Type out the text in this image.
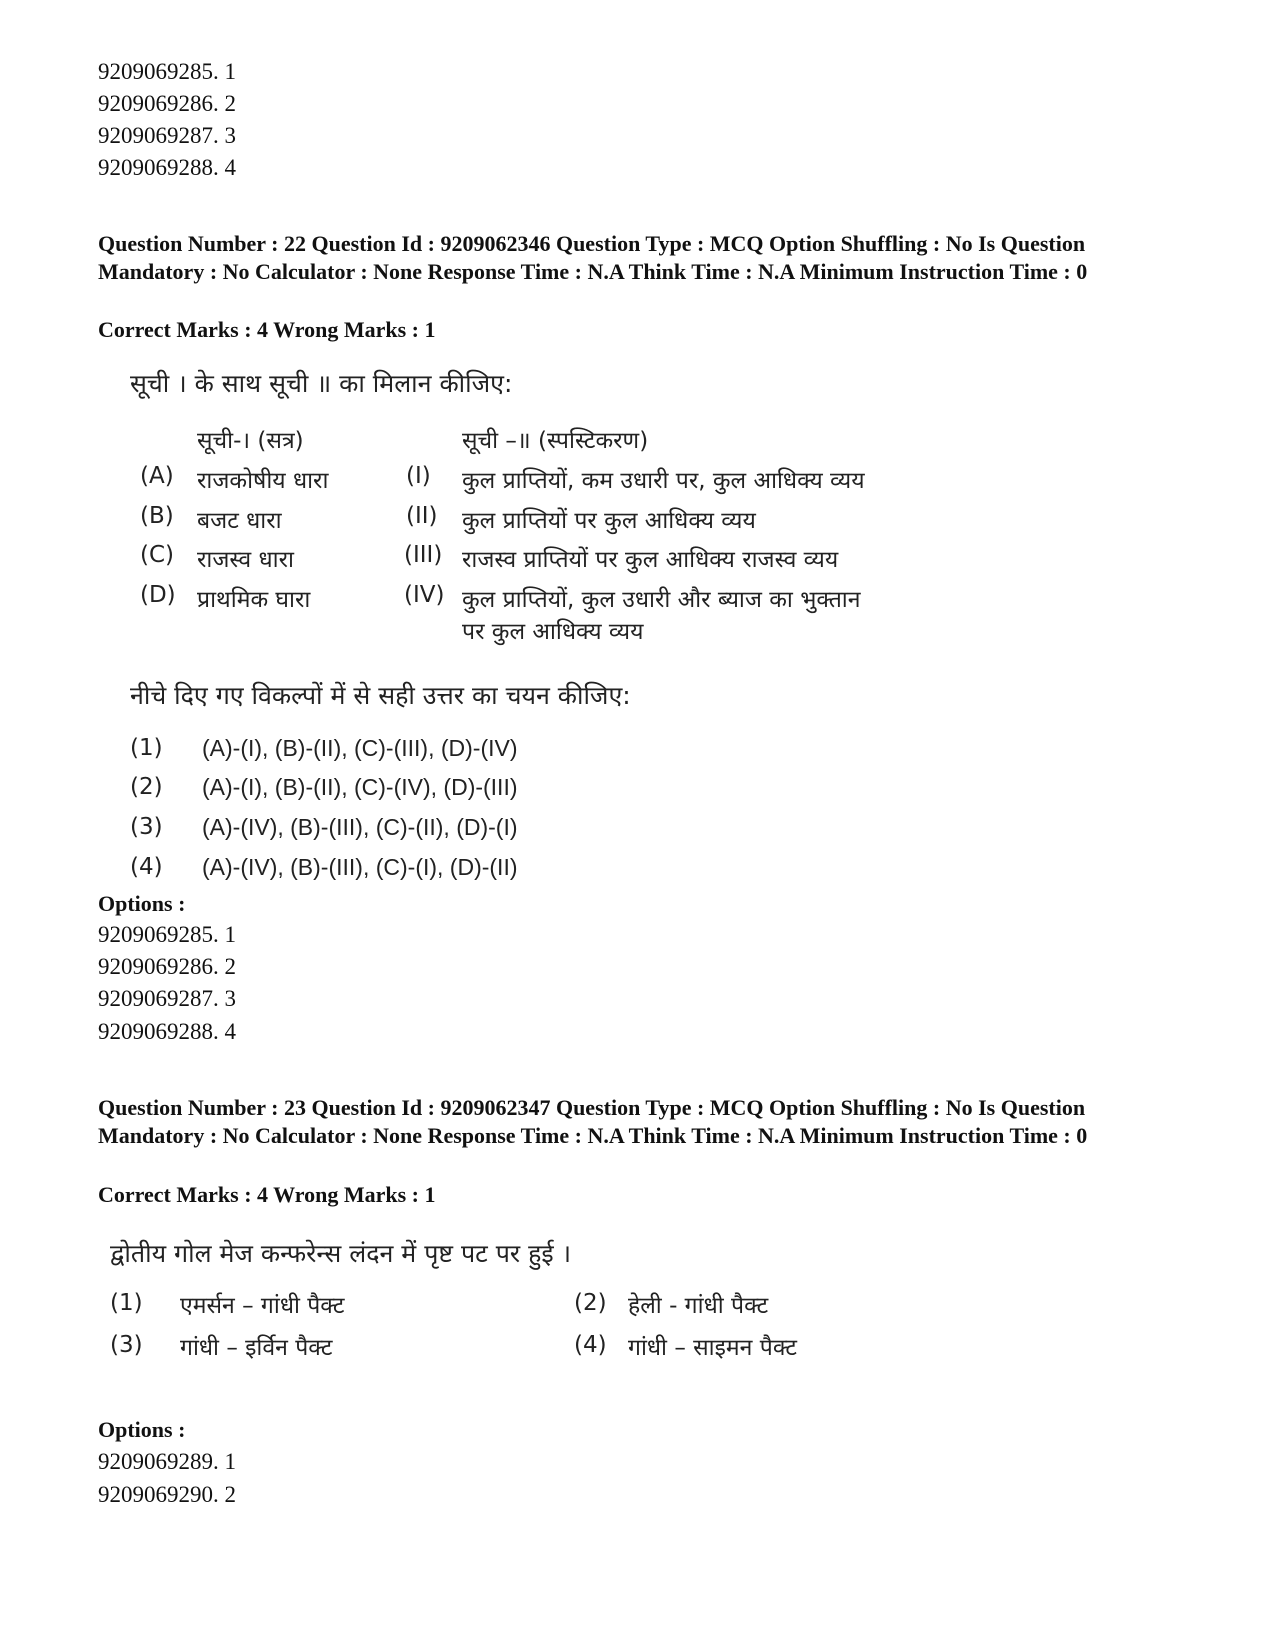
9209069285. 1
9209069286. 2
9209069287. 3
9209069288. 4
Question Number : 22 Question Id : 9209062346 Question Type : MCQ Option Shuffling : No Is Question Mandatory : No Calculator : None Response Time : N.A Think Time : N.A Minimum Instruction Time : 0
Correct Marks : 4 Wrong Marks : 1
सूची । के साथ सूची ॥ का मिलान कीजिए:
सूची-। (सत्र)	सूची –॥ (स्पस्टिकरण)
(A) राजकोषीय धारा	(I) कुल प्राप्तियों, कम उधारी पर, कुल आधिक्य व्यय
(B) बजट धारा	(II) कुल प्राप्तियों पर कुल आधिक्य व्यय
(C) राजस्व धारा	(III) राजस्व प्राप्तियों पर कुल आधिक्य राजस्व व्यय
(D) प्राथमिक घारा	(IV) कुल प्राप्तियों, कुल उधारी और ब्याज का भुक्तान
पर कुल आधिक्य व्यय
नीचे दिए गए विकल्पों में से सही उत्तर का चयन कीजिए:
(1) (A)-(I), (B)-(II), (C)-(III), (D)-(IV)
(2) (A)-(I), (B)-(II), (C)-(IV), (D)-(III)
(3) (A)-(IV), (B)-(III), (C)-(II), (D)-(I)
(4) (A)-(IV), (B)-(III), (C)-(I), (D)-(II)
Options :
9209069285. 1
9209069286. 2
9209069287. 3
9209069288. 4
Question Number : 23 Question Id : 9209062347 Question Type : MCQ Option Shuffling : No Is Question Mandatory : No Calculator : None Response Time : N.A Think Time : N.A Minimum Instruction Time : 0
Correct Marks : 4 Wrong Marks : 1
द्वोतीय गोल मेज कन्फरेन्स लंदन में पृष्ट पट पर हुई ।
(1) एमर्सन – गांधी पैक्ट	(2) हेली - गांधी पैक्ट
(3) गांधी – इर्विन पैक्ट	(4) गांधी – साइमन पैक्ट
Options :
9209069289. 1
9209069290. 2
